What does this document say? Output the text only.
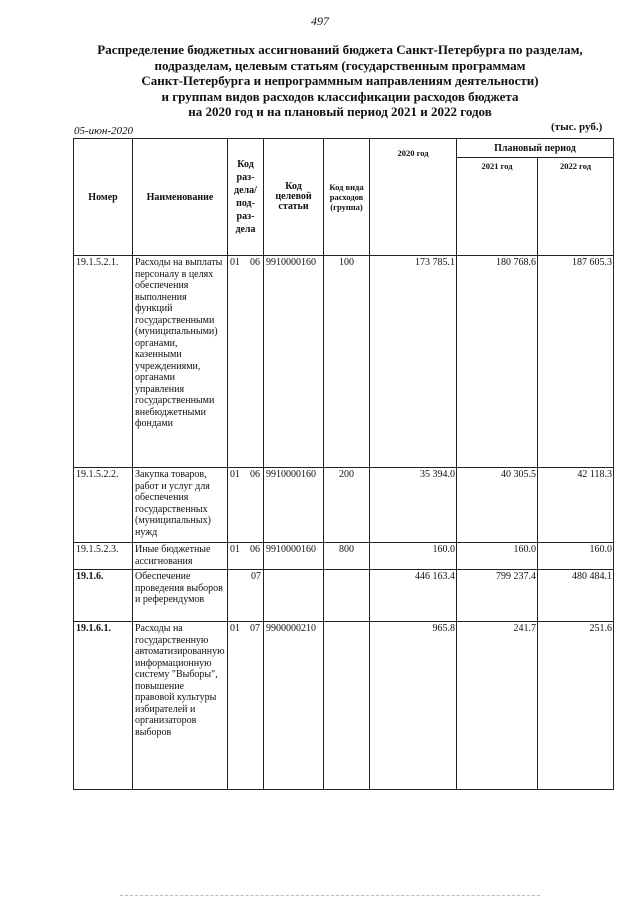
497
Распределение бюджетных ассигнований бюджета Санкт-Петербурга по разделам,
подразделам, целевым статьям (государственным программам
Санкт-Петербурга и непрограммным направлениям деятельности)
и группам видов расходов классификации расходов бюджета
на 2020 год и на плановый период 2021 и 2022 годов
05-июн-2020	(тыс. руб.)
Номер	Наименование	Код раз-дела/ под-раз-дела	Код целевой статьи	Код вида расходов (группа)	2020 год	Плановый период	
						2021 год	2022 год
19.1.5.2.1.	Расходы на выплаты персоналу в целях обеспечения выполнения функций государственными (муниципальными) органами, казенными учреждениями, органами управления государственными внебюджетными фондами	01 06	9910000160	100	173 785.1	180 768.6	187 605.3
19.1.5.2.2.	Закупка товаров, работ и услуг для обеспечения государственных (муниципальных) нужд	01 06	9910000160	200	35 394.0	40 305.5	42 118.3
19.1.5.2.3.	Иные бюджетные ассигнования	01 06	9910000160	800	160.0	160.0	160.0
19.1.6.	Обеспечение проведения выборов и референдумов	07			446 163.4	799 237.4	480 484.1
19.1.6.1.	Расходы на государственную автоматизированную информационную систему "Выборы", повышение правовой культуры избирателей и организаторов выборов	01 07	9900000210		965.8	241.7	251.6
